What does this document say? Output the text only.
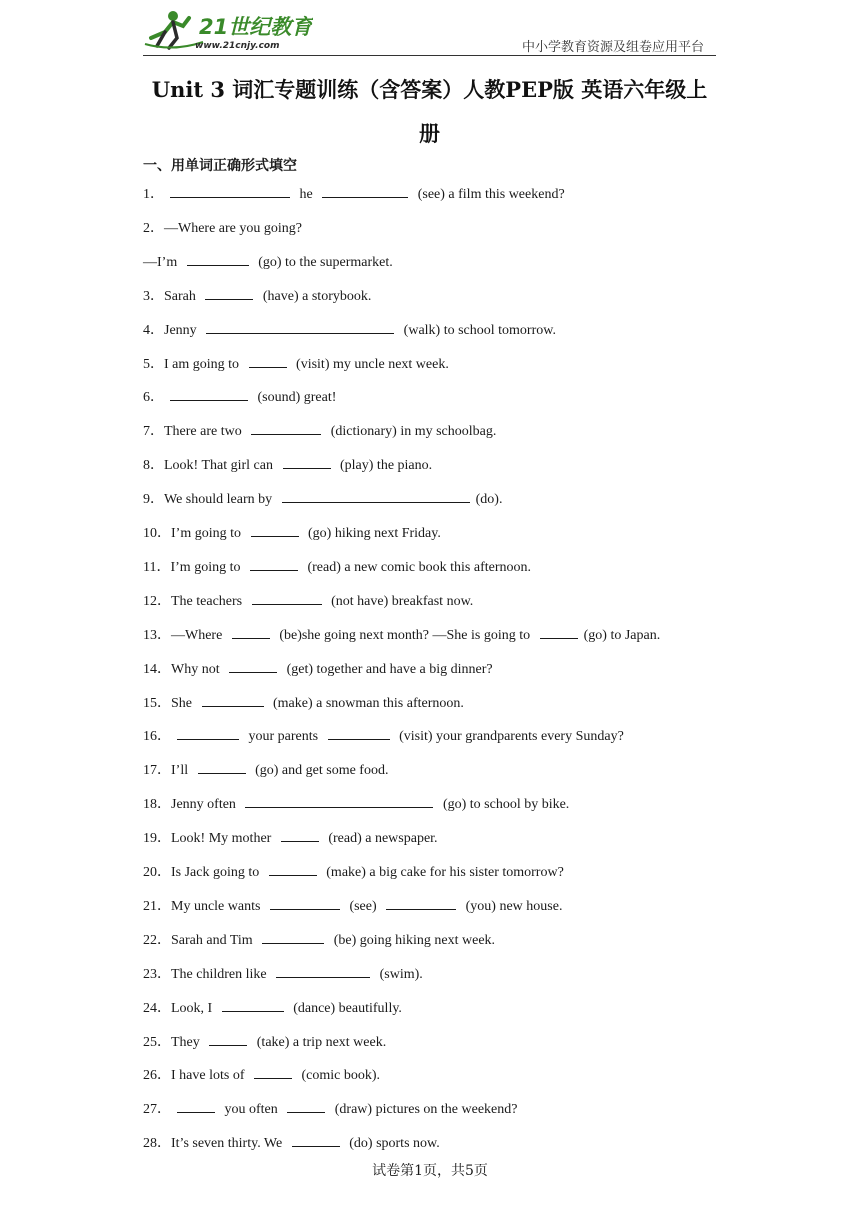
21世纪教育
www.21cnjy.com	中小学教育资源及组卷应用平台
Unit 3 词汇专题训练（含答案）人教PEP版 英语六年级上
册
一、用单词正确形式填空
1．	he	(see) a film this weekend?
2．—Where are you going?
—I’m	(go) to the supermarket.
3．Sarah	(have) a storybook.
4．Jenny	(walk) to school tomorrow.
5．I am going to	(visit) my uncle next week.
6．	(sound) great!
7．There are two	(dictionary) in my schoolbag.
8．Look! That girl can	(play) the piano.
9．We should learn by	(do).
10．I’m going to	(go) hiking next Friday.
11．I’m going to	(read) a new comic book this afternoon.
12．The teachers	(not have) breakfast now.
13．—Where	(be)she going next month? —She is going to	(go) to Japan.
14．Why not	(get) together and have a big dinner?
15．She	(make) a snowman this afternoon.
16．	your parents	(visit) your grandparents every Sunday?
17．I’ll	(go) and get some food.
18．Jenny often	(go) to school by bike.
19．Look! My mother	(read) a newspaper.
20．Is Jack going to	(make) a big cake for his sister tomorrow?
21．My uncle wants	(see)	(you) new house.
22．Sarah and Tim	(be) going hiking next week.
23．The children like	(swim).
24．Look, I	(dance) beautifully.
25．They	(take) a trip next week.
26．I have lots of	(comic book).
27．	you often	(draw) pictures on the weekend?
28．It’s seven thirty. We	(do) sports now.
试卷第1页，共5页
